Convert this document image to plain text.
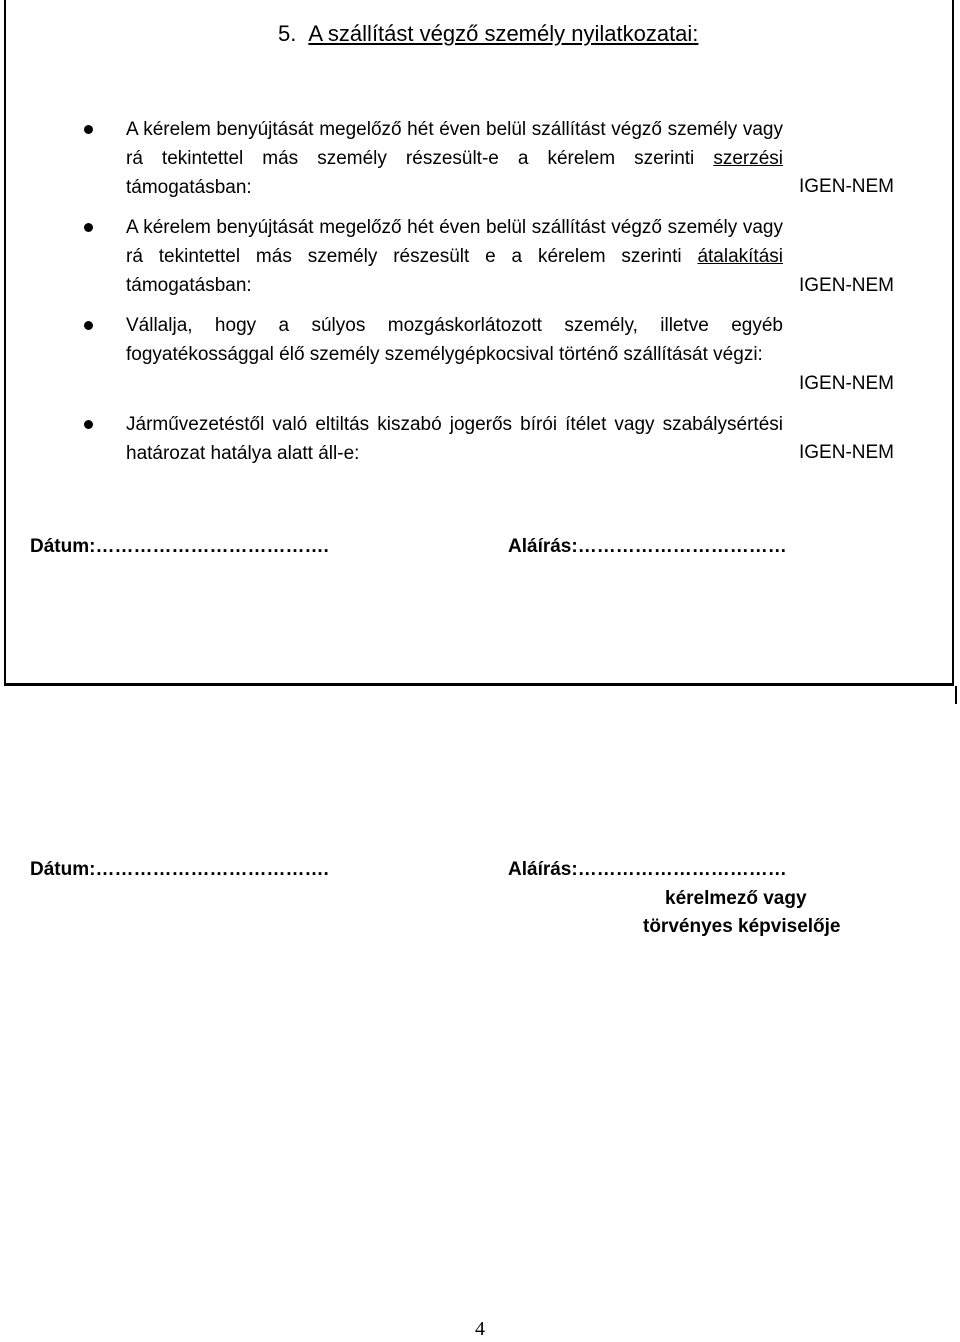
5. A szállítást végző személy nyilatkozatai:
A kérelem benyújtását megelőző hét éven belül szállítást végző személy vagy rá tekintettel más személy részesült-e a kérelem szerinti szerzési támogatásban:	IGEN-NEM
A kérelem benyújtását megelőző hét éven belül szállítást végző személy vagy rá tekintettel más személy részesült e a kérelem szerinti átalakítási támogatásban:	IGEN-NEM
Vállalja, hogy a súlyos mozgáskorlátozott személy, illetve egyéb fogyatékossággal élő személy személygépkocsival történő szállítását végzi:
IGEN-NEM
Járművezetéstől való eltiltás kiszabó jogerős bírói ítélet vagy szabálysértési határozat hatálya alatt áll-e:	IGEN-NEM
Dátum:……………………………….	Aláírás:……………………………
Dátum:……………………………….	Aláírás:……………………………
kérelmező vagy
törvényes képviselője
4
